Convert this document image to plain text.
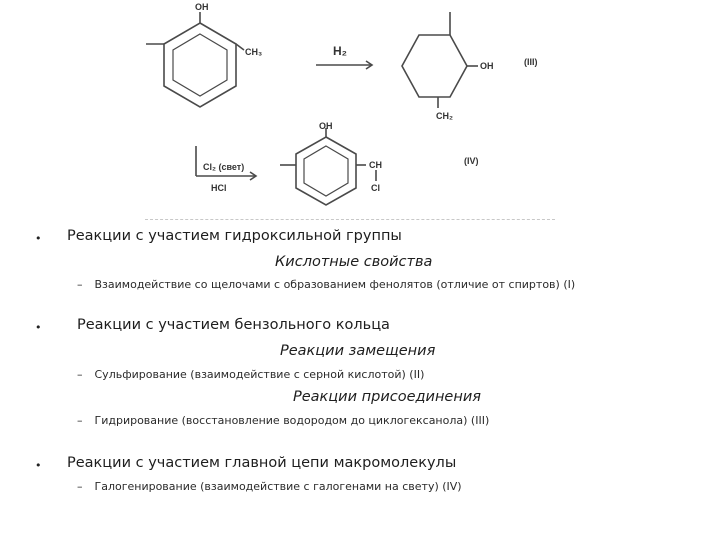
OH
CH₃	H₂
OH	(III)
CH₂
Cl₂ (свет)
HCl
OH
CH
Cl
(IV)
• Реакции с участием гидроксильной группы
Кислотные свойства
– Взаимодействие со щелочами с образованием фенолятов (отличие от спиртов) (I)
• Реакции с участием бензольного кольца
Реакции замещения
– Сульфирование (взаимодействие с серной кислотой) (II)
Реакции присоединения
– Гидрирование (восстановление водородом до циклогексанола) (III)
• Реакции с участием главной цепи макромолекулы
– Галогенирование (взаимодействие с галогенами на свету) (IV)
